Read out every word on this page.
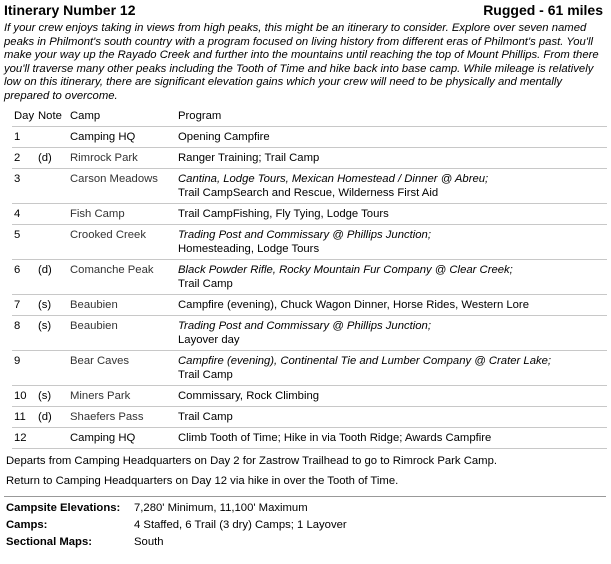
Itinerary Number 12	Rugged - 61 miles

If your crew enjoys taking in views from high peaks, this might be an itinerary to consider. Explore over seven named peaks in Philmont's south country with a program focused on living history from different eras of Philmont's past. You'll make your way up the Rayado Creek and further into the mountains until reaching the top of Mount Phillips. From there you'll traverse many other peaks including the Tooth of Time and hike back into base camp. While mileage is relatively low on this itinerary, there are significant elevation gains which your crew will need to be physically and mentally prepared to overcome.

Day	Note	Camp	Program
1		Camping HQ	Opening Campfire

2	(d)	Rimrock Park	Ranger Training; Trail Camp

3		Carson Meadows	Cantina, Lodge Tours, Mexican Homestead / Dinner @ Abreu;
Trail CampSearch and Rescue, Wilderness First Aid

4		Fish Camp	Trail CampFishing, Fly Tying, Lodge Tours

5		Crooked Creek	Trading Post and Commissary @ Phillips Junction;
Homesteading, Lodge Tours

6	(d)	Comanche Peak	Black Powder Rifle, Rocky Mountain Fur Company @ Clear Creek;
Trail Camp

7	(s)	Beaubien	Campfire (evening), Chuck Wagon Dinner, Horse Rides, Western Lore

8	(s)	Beaubien	Trading Post and Commissary @ Phillips Junction;
Layover day

9		Bear Caves	Campfire (evening), Continental Tie and Lumber Company @ Crater Lake;
Trail Camp

10	(s)	Miners Park	Commissary, Rock Climbing

11	(d)	Shaefers Pass	Trail Camp

12		Camping HQ	Climb Tooth of Time; Hike in via Tooth Ridge; Awards Campfire

Departs from Camping Headquarters on Day 2 for Zastrow Trailhead to go to Rimrock Park Camp.

Return to Camping Headquarters on Day 12 via hike in over the Tooth of Time.

Campsite Elevations:	7,280' Minimum, 11,100' Maximum
Camps:	4 Staffed, 6 Trail (3 dry) Camps; 1 Layover
Sectional Maps:	South
